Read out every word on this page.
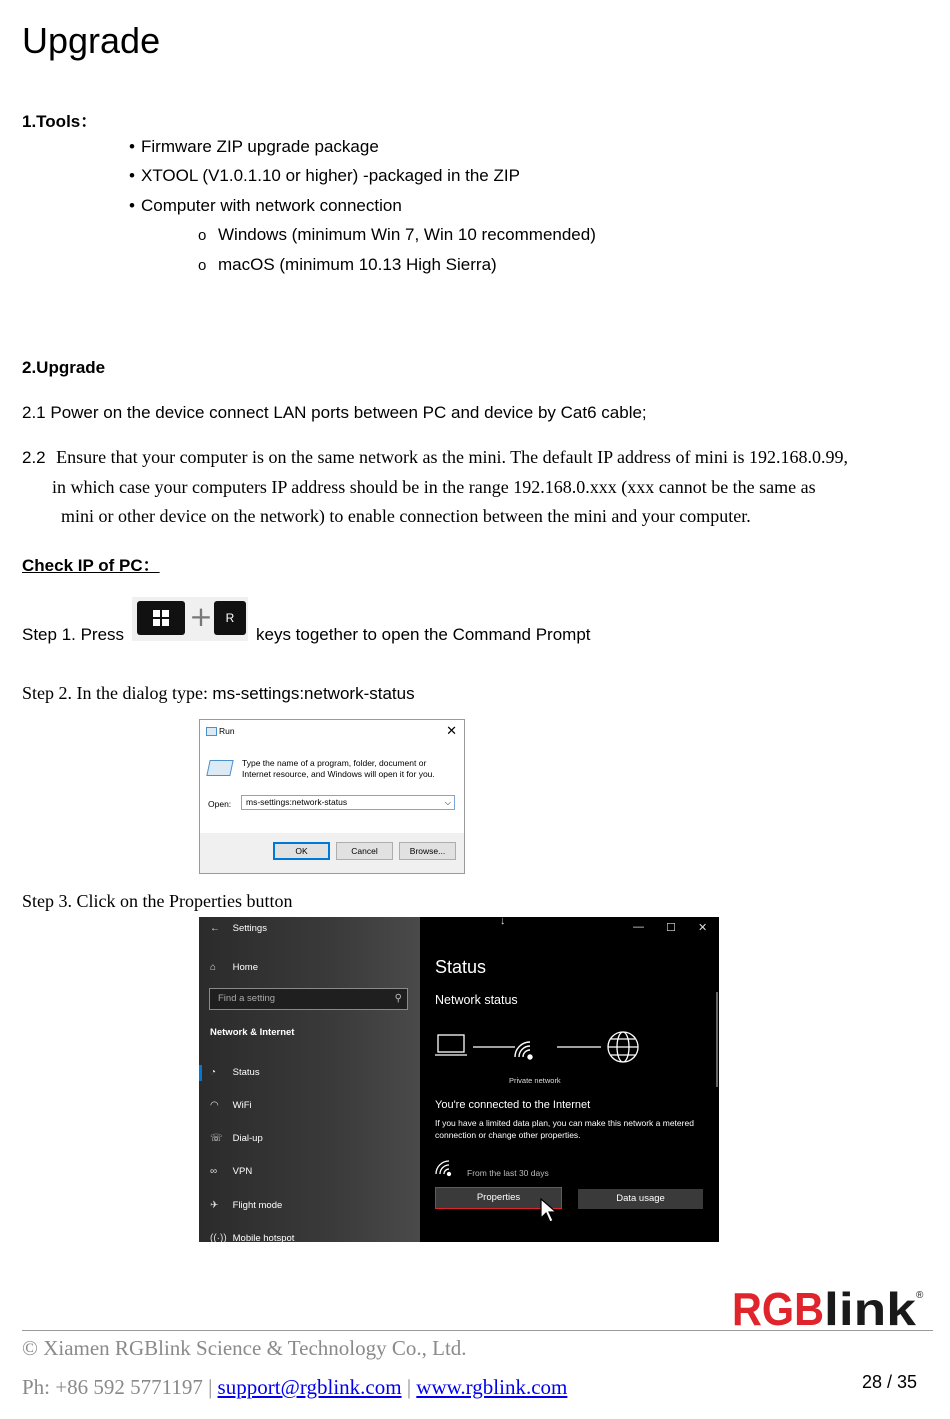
Upgrade
1.Tools：
• Firmware ZIP upgrade package
• XTOOL (V1.0.1.10 or higher) -packaged in the ZIP
• Computer with network connection
o Windows (minimum Win 7, Win 10 recommended)
o macOS (minimum 10.13 High Sierra)
2.Upgrade
2.1 Power on the device connect LAN ports between PC and device by Cat6 cable;
2.2 Ensure that your computer is on the same network as the mini. The default IP address of mini is 192.168.0.99,
in which case your computers IP address should be in the range 192.168.0.xxx (xxx cannot be the same as
mini or other device on the network) to enable connection between the mini and your computer.
Check IP of PC：
Step 1. Press
+	R
keys together to open the Command Prompt
Step 2. In the dialog type: ms-settings:network-status
Run	✕
Type the name of a program, folder, document or Internet resource, and Windows will open it for you.
Open:	ms-settings:network-status	⌵
OK	Cancel	Browse...
Step 3. Click on the Properties button
← Settings
⌂ Home
Find a setting	⚲
Network & Internet
◔ Status
◠ WiFi
☏ Dial-up
∞ VPN
✈ Flight mode
((·)) Mobile hotspot
↓	— ☐ ✕
Status
Network status
Private network
You're connected to the Internet
If you have a limited data plan, you can make this network a metered connection or change other properties.
From the last 30 days
Properties	Data usage
RGB link ®
© Xiamen RGBlink Science & Technology Co., Ltd.
Ph: +86 592 5771197 | support@rgblink.com | www.rgblink.com	28 / 35
